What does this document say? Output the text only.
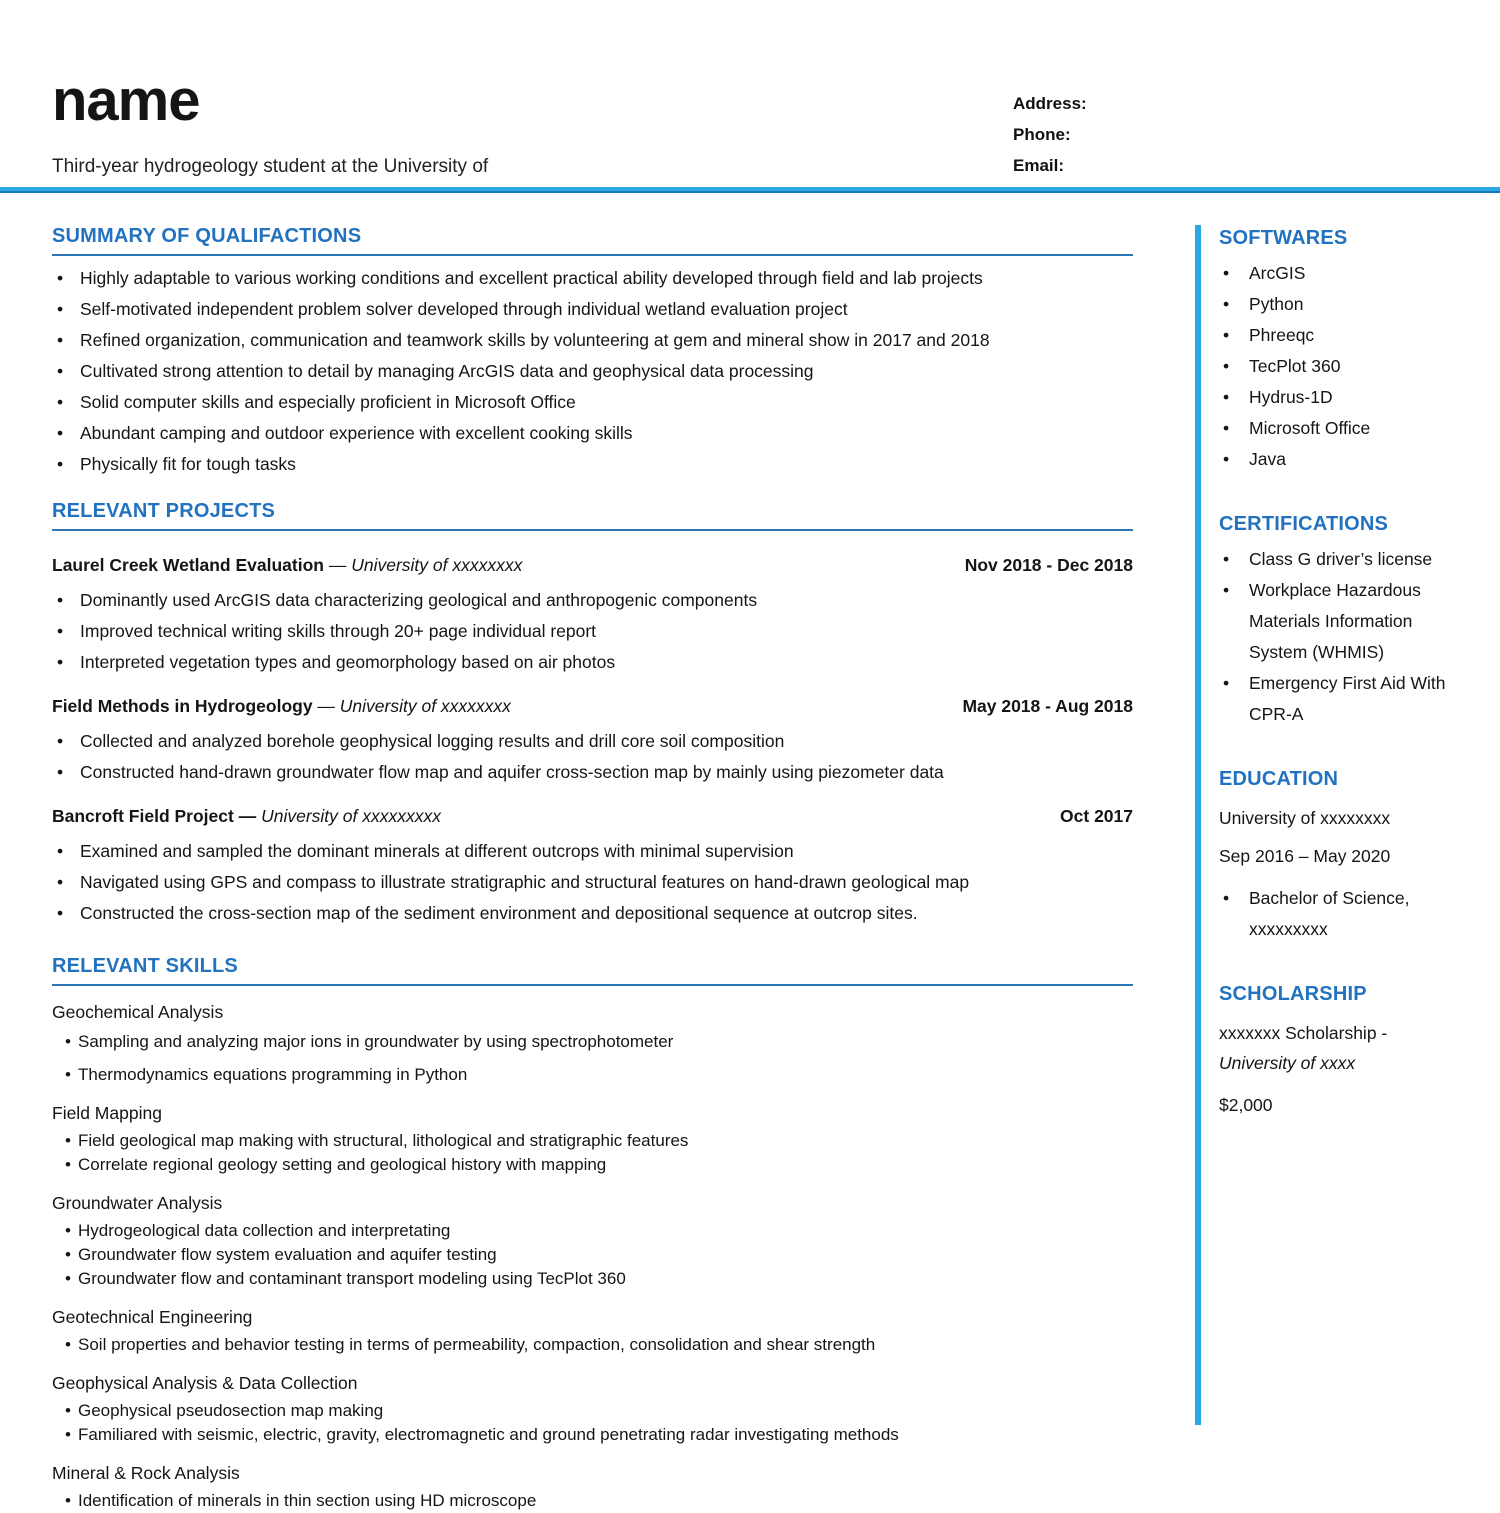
name	Address:
Phone:
Email:
Third-year hydrogeology student at the University of
SUMMARY OF QUALIFACTIONS
• Highly adaptable to various working conditions and excellent practical ability developed through field and lab projects
• Self-motivated independent problem solver developed through individual wetland evaluation project
• Refined organization, communication and teamwork skills by volunteering at gem and mineral show in 2017 and 2018
• Cultivated strong attention to detail by managing ArcGIS data and geophysical data processing
• Solid computer skills and especially proficient in Microsoft Office
• Abundant camping and outdoor experience with excellent cooking skills
• Physically fit for tough tasks
RELEVANT PROJECTS
Laurel Creek Wetland Evaluation — University of xxxxxxxx	Nov 2018 - Dec 2018
• Dominantly used ArcGIS data characterizing geological and anthropogenic components
• Improved technical writing skills through 20+ page individual report
• Interpreted vegetation types and geomorphology based on air photos
Field Methods in Hydrogeology — University of xxxxxxxx	May 2018 - Aug 2018
• Collected and analyzed borehole geophysical logging results and drill core soil composition
• Constructed hand-drawn groundwater flow map and aquifer cross-section map by mainly using piezometer data
Bancroft Field Project —
University of xxxxxxxxx	Oct 2017
• Examined and sampled the dominant minerals at different outcrops with minimal supervision
• Navigated using GPS and compass to illustrate stratigraphic and structural features on hand-drawn geological map
• Constructed the cross-section map of the sediment environment and depositional sequence at outcrop sites.
RELEVANT SKILLS
Geochemical Analysis
• Sampling and analyzing major ions in groundwater by using spectrophotometer
• Thermodynamics equations programming in Python
Field Mapping
• Field geological map making with structural, lithological and stratigraphic features
• Correlate regional geology setting and geological history with mapping
Groundwater Analysis
• Hydrogeological data collection and interpretating
• Groundwater flow system evaluation and aquifer testing
• Groundwater flow and contaminant transport modeling using TecPlot 360
Geotechnical Engineering
• Soil properties and behavior testing in terms of permeability, compaction, consolidation and shear strength
Geophysical Analysis & Data Collection
• Geophysical pseudosection map making
• Familiared with seismic, electric, gravity, electromagnetic and ground penetrating radar investigating methods
Mineral & Rock Analysis
• Identification of minerals in thin section using HD microscope
SOFTWARES
• ArcGIS
• Python
• Phreeqc
• TecPlot 360
• Hydrus-1D
• Microsoft Office
• Java
CERTIFICATIONS
• Class G driver’s license
• Workplace Hazardous Materials Information System (WHMIS)
• Emergency First Aid With CPR-A
EDUCATION
University of xxxxxxxx
Sep 2016 – May 2020
• Bachelor of Science, xxxxxxxxx
SCHOLARSHIP
xxxxxxx Scholarship -
University of xxxx
$2,000
